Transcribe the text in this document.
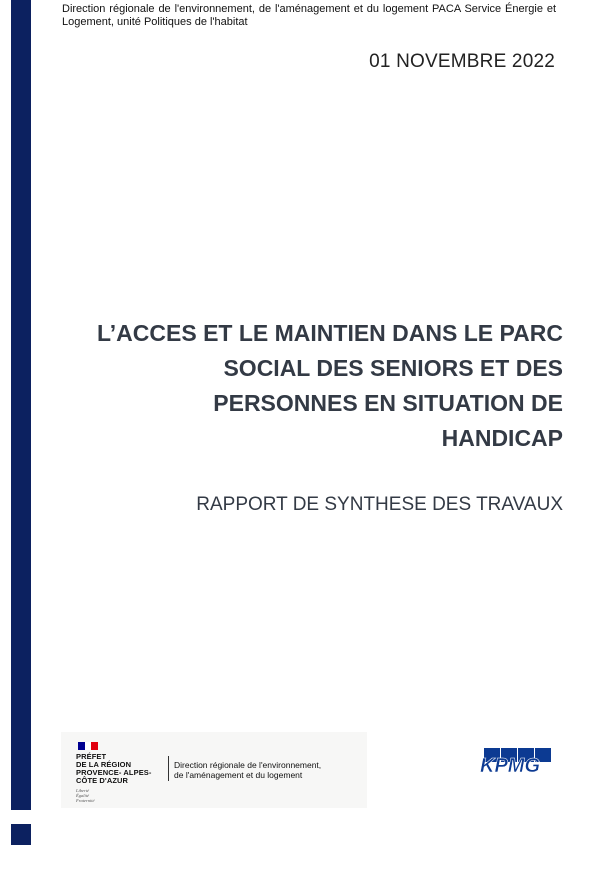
Direction régionale de l'environnement, de l'aménagement et du logement PACA Service Énergie et Logement, unité Politiques de l'habitat
01 NOVEMBRE 2022
L’ACCES ET LE MAINTIEN DANS LE PARC
SOCIAL DES SENIORS ET DES
PERSONNES EN SITUATION DE
HANDICAP
RAPPORT DE SYNTHESE DES TRAVAUX
PRÉFET
DE LA RÉGION
PROVENCE- ALPES-
CÔTE D'AZUR
Liberté
Égalité
Fraternité
Direction régionale de l'environnement,
de l'aménagement et du logement	KPMG
